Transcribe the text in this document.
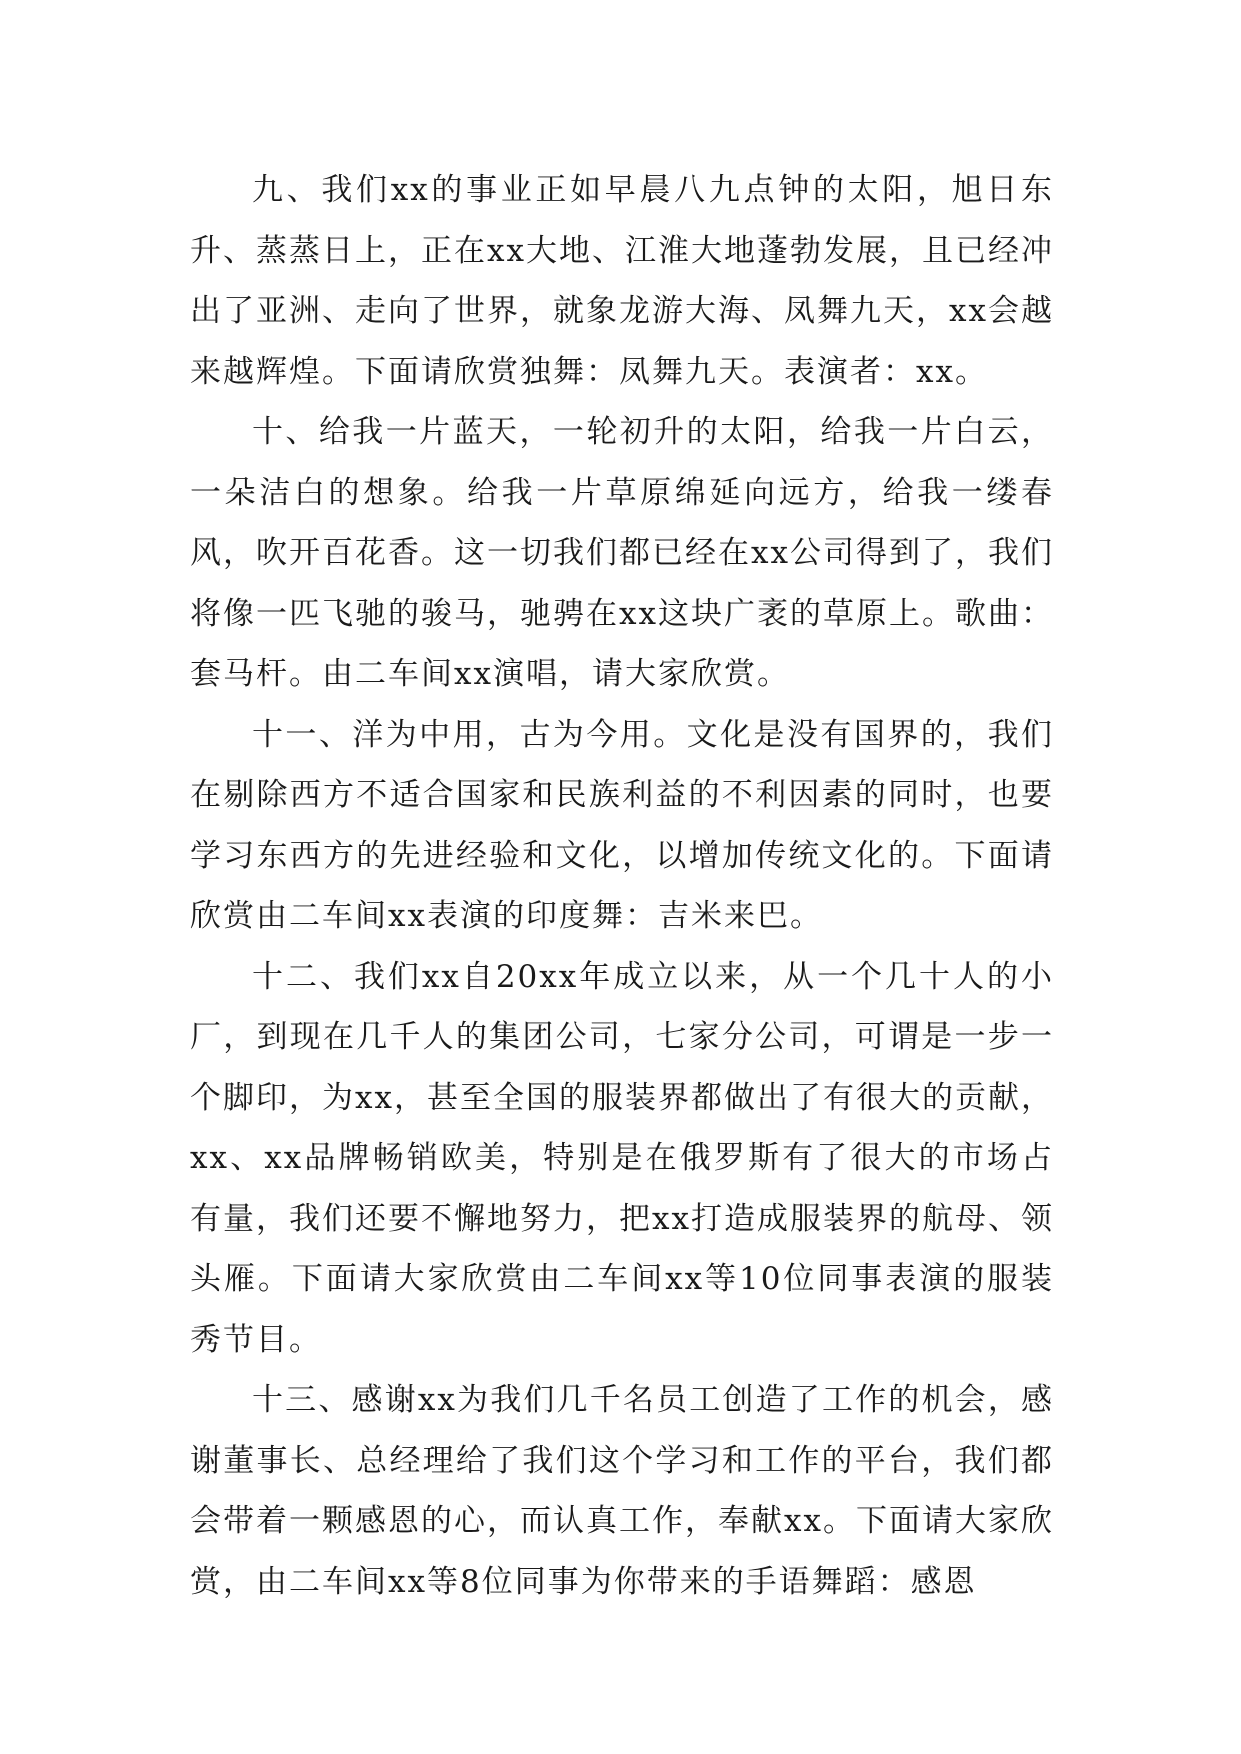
九、我们xx的事业正如早晨八九点钟的太阳，旭日东升、蒸蒸日上，正在xx大地、江淮大地蓬勃发展，且已经冲出了亚洲、走向了世界，就象龙游大海、凤舞九天，xx会越来越辉煌。下面请欣赏独舞：凤舞九天。表演者：xx。

十、给我一片蓝天，一轮初升的太阳，给我一片白云，一朵洁白的想象。给我一片草原绵延向远方，给我一缕春风，吹开百花香。这一切我们都已经在xx公司得到了，我们将像一匹飞驰的骏马，驰骋在xx这块广袤的草原上。歌曲：套马杆。由二车间xx演唱，请大家欣赏。

十一、洋为中用，古为今用。文化是没有国界的，我们在剔除西方不适合国家和民族利益的不利因素的同时，也要学习东西方的先进经验和文化，以增加传统文化的。下面请欣赏由二车间xx表演的印度舞：吉米来巴。

十二、我们xx自20xx年成立以来，从一个几十人的小厂，到现在几千人的集团公司，七家分公司，可谓是一步一个脚印，为xx，甚至全国的服装界都做出了有很大的贡献，xx、xx品牌畅销欧美，特别是在俄罗斯有了很大的市场占有量，我们还要不懈地努力，把xx打造成服装界的航母、领头雁。下面请大家欣赏由二车间xx等10位同事表演的服装秀节目。

十三、感谢xx为我们几千名员工创造了工作的机会，感谢董事长、总经理给了我们这个学习和工作的平台，我们都会带着一颗感恩的心，而认真工作，奉献xx。下面请大家欣赏，由二车间xx等8位同事为你带来的手语舞蹈：感恩
